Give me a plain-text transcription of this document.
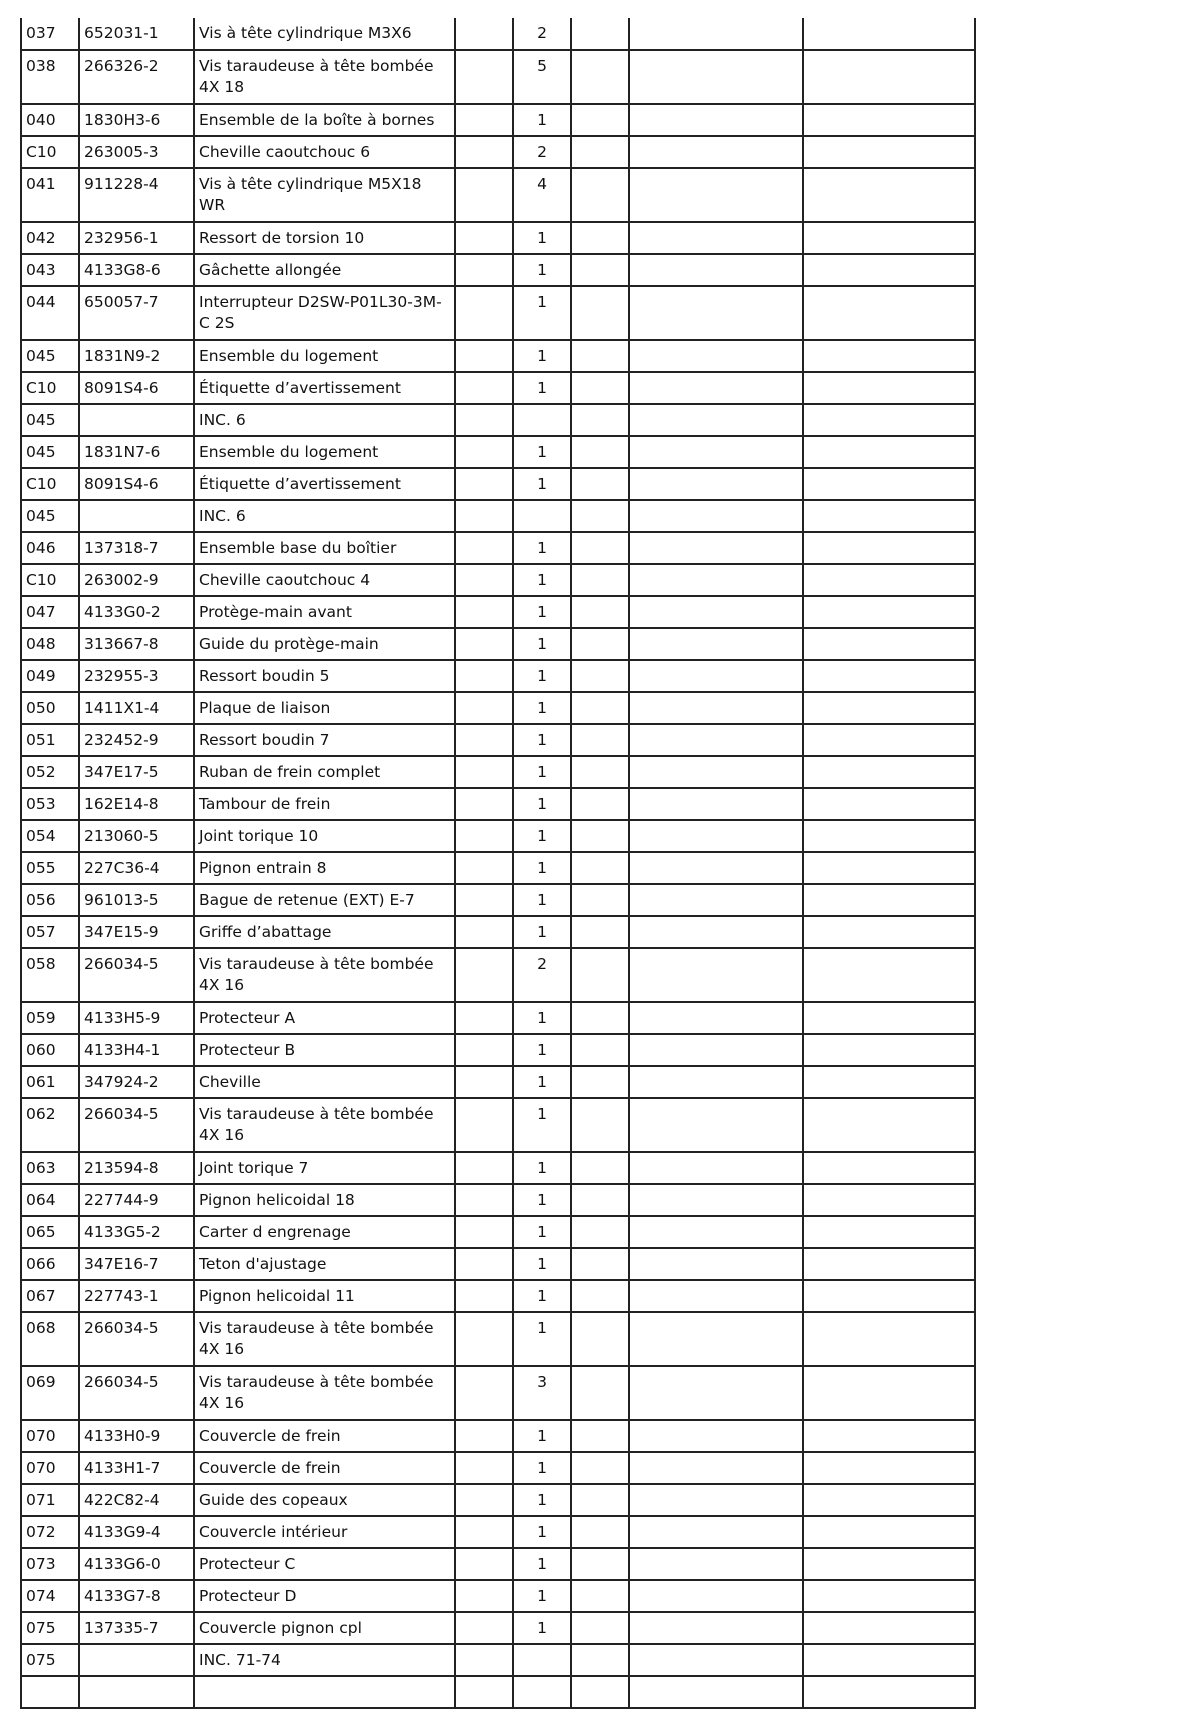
037	652031-1	Vis à tête cylindrique M3X6		2			
038	266326-2	Vis taraudeuse à tête bombée 4X 18		5			
040	1830H3-6	Ensemble de la boîte à bornes		1			
C10	263005-3	Cheville caoutchouc 6		2			
041	911228-4	Vis à tête cylindrique M5X18 WR		4			
042	232956-1	Ressort de torsion 10		1			
043	4133G8-6	Gâchette allongée		1			
044	650057-7	Interrupteur D2SW-P01L30-3M-C 2S		1			
045	1831N9-2	Ensemble du logement		1			
C10	8091S4-6	Étiquette d’avertissement		1			
045		INC. 6					
045	1831N7-6	Ensemble du logement		1			
C10	8091S4-6	Étiquette d’avertissement		1			
045		INC. 6					
046	137318-7	Ensemble base du boîtier		1			
C10	263002-9	Cheville caoutchouc 4		1			
047	4133G0-2	Protège-main avant		1			
048	313667-8	Guide du protège-main		1			
049	232955-3	Ressort boudin 5		1			
050	1411X1-4	Plaque de liaison		1			
051	232452-9	Ressort boudin 7		1			
052	347E17-5	Ruban de frein complet		1			
053	162E14-8	Tambour de frein		1			
054	213060-5	Joint torique 10		1			
055	227C36-4	Pignon entrain 8		1			
056	961013-5	Bague de retenue (EXT) E-7		1			
057	347E15-9	Griffe d’abattage		1			
058	266034-5	Vis taraudeuse à tête bombée 4X 16		2			
059	4133H5-9	Protecteur A		1			
060	4133H4-1	Protecteur B		1			
061	347924-2	Cheville		1			
062	266034-5	Vis taraudeuse à tête bombée 4X 16		1			
063	213594-8	Joint torique 7		1			
064	227744-9	Pignon helicoidal 18		1			
065	4133G5-2	Carter d engrenage		1			
066	347E16-7	Teton d'ajustage		1			
067	227743-1	Pignon helicoidal 11		1			
068	266034-5	Vis taraudeuse à tête bombée 4X 16		1			
069	266034-5	Vis taraudeuse à tête bombée 4X 16		3			
070	4133H0-9	Couvercle de frein		1			
070	4133H1-7	Couvercle de frein		1			
071	422C82-4	Guide des copeaux		1			
072	4133G9-4	Couvercle intérieur		1			
073	4133G6-0	Protecteur C		1			
074	4133G7-8	Protecteur D		1			
075	137335-7	Couvercle pignon cpl		1			
075		INC. 71-74					
